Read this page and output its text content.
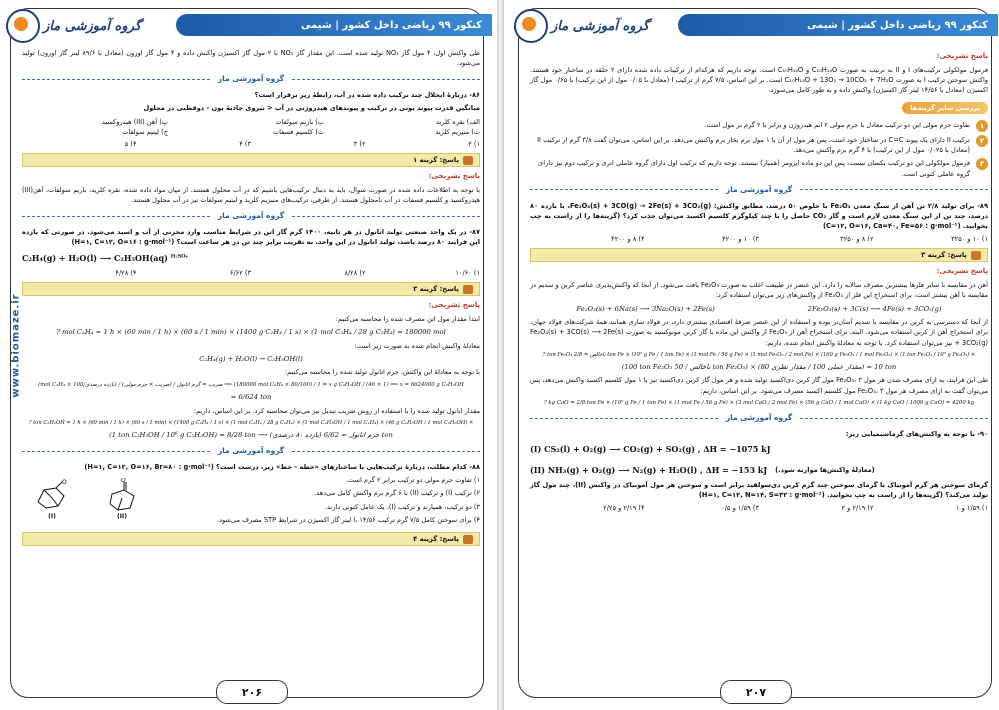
گروه آموزشی ماز	کنکور ۹۹ ریاضی داخل کشور | شیمی
www.biomaze.ir

طی واکنش اول، ۴ مول گاز NO₂ تولید شده است. این مقدار گاز NO₂ با ۲ مول گاز اکسیژن واکنش داده و ۴ مول گاز اوزون (معادل با ۸۹/۶ لیتر گاز اوزون) تولید می‌شود.

گروه آموزشی ماز

۸۶- دربارهٔ انحلال چند ترکیب داده شده در آب، رابطهٔ زیر برقرار است؟

میانگین قدرت پیوند یونی در ترکیب و پیوندهای هیدروژنی در آب < نیروی جاذبهٔ یون - دوقطبی در محلول

الف) نقره کلرید
ب) باریم سولفات
پ) آهن (III) هیدروکسید
ت) منیزیم کلرید
ث) کلسیم فسفات
ج) لیتیم سولفات
۱) ۲
۲) ۳
۳) ۴
۴) ۵
پاسخ: گزینه ۱
پاسخ تشریحی:

با توجه به اطلاعات داده شده در صورت سوال، باید به دنبال ترکیب‌هایی باشیم که در آب محلول هستند. از میان مواد داده شده، نقره کلرید، باریم سولفات، آهن(III) هیدروکسید و کلسیم فسفات در آب نامحلول هستند. از طرفی، ترکیب‌های منیزیم کلرید و لیتیم سولفات نیز در آب محلول هستند.

گروه آموزشی ماز

۸۷- در یک واحد صنعتی تولید اتانول در هر ثانیه، ۱۴۰۰ گرم گاز اتن در شرایط مناسب وارد مخزنی از آب و اسید می‌شود. در صورتی که بازده این فرایند ۸۰ درصد باشد، تولید اتانول در این واحد، به تقریب برابر چند تن در هر ساعت است؟ (H=۱, C=۱۲, O=۱۶ : g·mol⁻¹)

C₂H₄(g) + H₂O(l) ⟶ C₂H₅OH(aq) $^{H_2SO_4}$
۱) ۱۰/۶۰
۲) ۸/۲۸
۳) ۶/۶۲
۴) ۴/۲۸
پاسخ: گزینه ۳
پاسخ تشریحی:

ابتدا مقدار مول اتن مصرف شده را محاسبه می‌کنیم:

? mol C₂H₄ = 1 h × (60 min / 1 h) × (60 s / 1 min) × (1400 g C₂H₄ / 1 s) × (1 mol C₂H₄ / 28 g C₂H₄) = 180000 mol

معادلهٔ واکنش انجام شده به صورت زیر است:

C₂H₄(g) + H₂O(l) → C₂H₅OH(l)

با توجه به معادلهٔ این واکنش، جرم اتانول تولید شده را محاسبه می‌کنیم:

(mol C₂H₄ × بازده درصدی/100) / ضریب = گرم اتانول / (ضریب × جرم مولی) ⟹ (180000 mol C₂H₄ × 80/100) / 1 = x g C₂H₅OH / (46 × 1) ⟹ x = 6624000 g C₂H₅OH
= 6/624 ton

مقدار اتانول تولید شده را با استفاده از روش ضریب تبدیل نیز می‌توان محاسبه کرد. بر این اساس، داریم:

? ton C₂H₅OH = 1 h × (60 min / 1 h) × (60 s / 1 min) × (1400 g C₂H₄ / 1 s) × (1 mol C₂H₄ / 28 g C₂H₄) × (1 mol C₂H₅OH / 1 mol C₂H₄) × (46 g C₂H₅OH / 1 mol C₂H₅OH) ×
(1 ton C₂H₅OH / 10⁶ g C₂H₅OH) = 8/28 ton ⟶ (بازده ۸۰ درصدی) جرم اتانول = 6/62 ton
گروه آموزشی ماز

۸۸- کدام مطلب، دربارهٔ ترکیب‌هایی با ساختارهای «خطه - خط» زیر، درست است؟ (H=۱, C=۱۲, O=۱۶, Br=۸۰ : g·mol⁻¹)

۱) تفاوت جرم مولی دو ترکیب برابر ۲ گرم است.

۲) ترکیب (I) و ترکیب (II) با ۶ گرم برم واکنش کامل می‌دهد.

۳) دو ترکیب، همپارند و ترکیب (I)، یک عامل کتونی دارند.

۴) برای سوختن کامل ۷/۵ گرم ترکیب I، ۱۴/۵۶ لیتر گاز اکسیژن در شرایط STP مصرف می‌شود.

O
(I)
O
(II)
پاسخ: گزینه ۴
۲۰۶
گروه آموزشی ماز	کنکور ۹۹ ریاضی داخل کشور | شیمی
پاسخ تشریحی:

فرمول مولکولی ترکیب‌های I و II به ترتیب به صورت C₁₀H₁₄O و C₁₀H₁₆O است. توجه داریم که هرکدام از ترکیبات داده شده دارای ۲ حلقه در ساختار خود هستند. واکنش سوختن ترکیب I به صورت C₁₀H₁₄O + 13O₂ → 10CO₂ + 7H₂O است. بر این اساس، ۷/۵ گرم از ترکیب I (معادل با ۰/۰۵ مول از این ترکیب) با ۰/۶۵ مول گاز اکسیژن (معادل با ۱۴/۵۶ لیتر گاز اکسیژن) واکنش داده و به طور کامل می‌سوزد.

بررسی سایر گزینه‌ها
۱
تفاوت جرم مولی این دو ترکیب معادل با جرم مولی ۲ اتم هیدروژن و برابر با ۲ گرم بر مول است.
۲
ترکیب II دارای یک پیوند C=C در ساختار خود است، پس هر مول از آن با ۱ مول برم بخار برم واکنش می‌دهد. بر این اساس، می‌توان گفت ۳/۸ گرم از ترکیب II (معادل با ۰/۰۲۵ مول از این ترکیب) با ۴ گرم برم واکنش می‌دهد.
۳
فرمول مولکولی این دو ترکیب یکسان نیست، پس این دو ماده ایزومر (همپار) نیستند. توجه داریم که ترکیب اول دارای گروه عاملی اتری و ترکیب دوم نیز دارای گروه عاملی کتونی است.
گروه آموزشی ماز

۸۹- برای تولید ۲/۸ تن آهن از سنگ معدن Fe₂O₃ با خلوص ۵۰ درصد، مطابق واکنش: Fe₂O₃(s) + 3CO(g) → 2Fe(s) + 3CO₂(g)، با بازده ۸۰ درصد، چند تن از این سنگ معدن لازم است و گاز CO₂ حاصل را با چند کیلوگرم کلسیم اکسید می‌توان جذب کرد؟ (گزینه‌ها را از راست به چپ بخوانید. (C=۱۲, O=۱۶, Ca=۴۰, Fe=۵۶ : g·mol⁻¹)

۱) ۱۰ و ۳۲۵۰
۲) ۸ و ۳۲۵۰
۳) ۱۰ و ۴۲۰۰
۴) ۸ و ۴۲۰۰
پاسخ: گزینه ۳
پاسخ تشریحی:

آهن در مقایسه با سایر فلزها بیشترین مصرف سالانه را دارد. این عنصر در طبیعت اغلب به صورت Fe₂O₃ یافت می‌شود. از آنجا که واکنش‌پذیری عناصر کربن و سدیم در مقایسه با آهن بیشتر است، برای استخراج این فلز از Fe₂O₃ از واکنش‌های زیر می‌توان استفاده کرد:

Fe₂O₃(s) + 6Na(s) ⟶ 3Na₂O(s) + 2Fe(s)	2Fe₂O₃(s) + 3C(s) ⟶ 4Fe(s) + 3CO₂(g)

از آنجا که دسترسی به کربن در مقایسه با سدیم آسان‌تر بوده و استفاده از این عنصر صرفهٔ اقتصادی بیشتری دارد، در فولاد سازی همانند همهٔ شرکت‌های فولاد جهان، برای استخراج آهن از کربن استفاده می‌شود. البته، برای استخراج آهن از Fe₂O₃ از واکنش این ماده با گاز کربن مونوکسید به صورت Fe₂O₃(s) + 3CO(s) ⟶ 2Fe(s) + 3CO₂(g) نیز می‌توان استفاده کرد. با توجه به معادلهٔ واکنش انجام شده، داریم:

? ton Fe₂O₃ ناخالص = 2/8 ton Fe × (10⁶ g Fe / 1 ton Fe) × (1 mol Fe / 56 g Fe) × (1 mol Fe₂O₃ / 2 mol Fe) × (160 g Fe₂O₃ / 1 mol Fe₂O₃) × (1 ton Fe₂O₃ / 10⁶ g Fe₂O₃) ×
(100 ton Fe₂O₃ ناخالص / 50 ton Fe₂O₃) × (مقدار عملی 100 / مقدار نظری 80) = 10 ton

طی این فرایند، به ازای مصرف شدن هر مول Fe₂O₃، ۳ مول گاز کربن دی‌اکسید تولید شده و هر مول گاز کربن دی‌اکسید نیز با ۱ مول کلسیم اکسید واکنش می‌دهد، پس می‌توان گفت به ازای مصرف هر مول Fe₂O₃، ۳ مول کلسیم اکسید مصرف می‌شود. بر این اساس، داریم:

? kg CaO = 2/8 ton Fe × (10⁶ g Fe / 1 ton Fe) × (1 mol Fe / 56 g Fe) × (3 mol CaO / 2 mol Fe) × (56 g CaO / 1 mol CaO) × (1 kg CaO / 1000 g CaO) = 4200 kg
گروه آموزشی ماز

۹۰- با توجه به واکنش‌های گرماشیمیایی زیر:

(I) CS₂(l) + O₂(g) ⟶ CO₂(g) + SO₂(g) , ΔH = −1075 kJ
(معادلهٔ واکنش‌ها موازنه شود.)
(II) NH₃(g) + O₂(g) ⟶ N₂(g) + H₂O(l) , ΔH = −153 kJ

گرمای سوختن هر گرم آمونیاک با گرمای سوختن چند گرم کربن دی‌سولفید برابر است و سوختن هر مول آمونیاک در واکنش (II)، چند مول گاز تولید می‌کند؟ (گزینه‌ها را از راست به چپ بخوانید. (H=۱, C=۱۲, N=۱۴, S=۳۲ : g·mol⁻¹)

۱) ۱/۵۹ و ۱
۲) ۲/۱۹ و ۲
۳) ۱/۵۹ و ۰/۵
۴) ۲/۱۹ و ۲/۲۵
۲۰۷
